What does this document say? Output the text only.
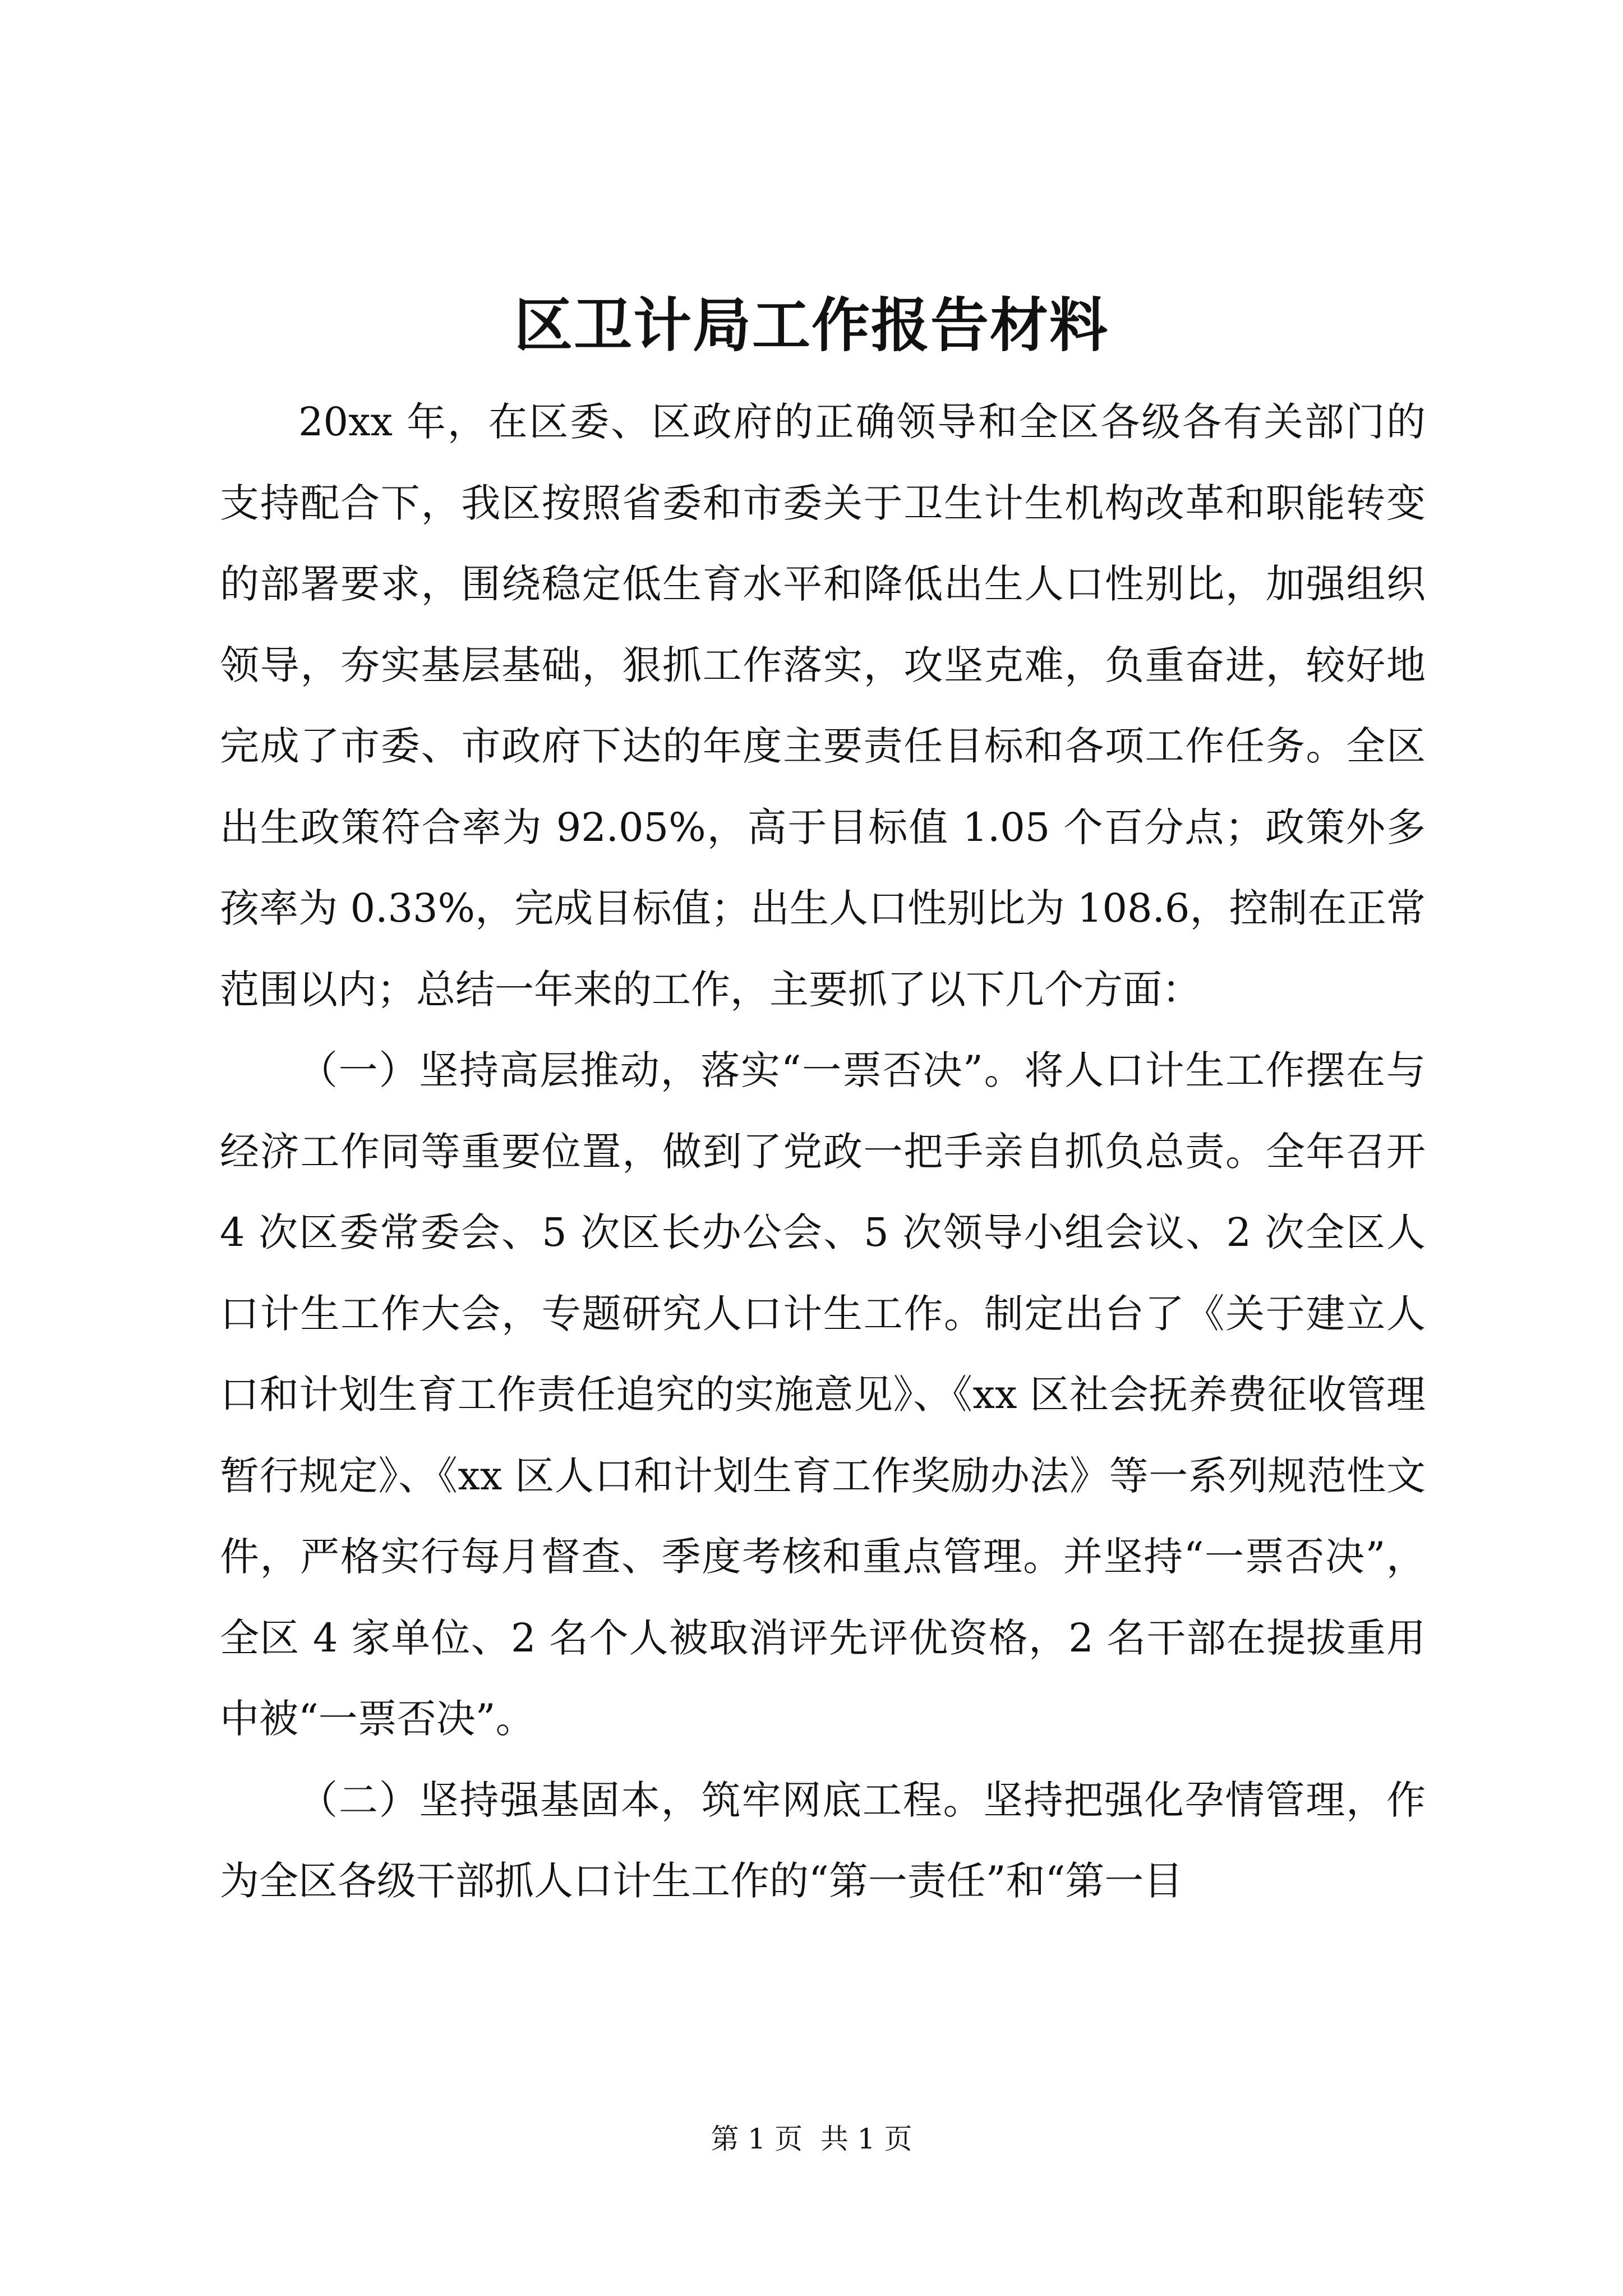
区卫计局工作报告材料

20xx 年，在区委、区政府的正确领导和全区各级各有关部门的支持配合下，我区按照省委和市委关于卫生计生机构改革和职能转变的部署要求，围绕稳定低生育水平和降低出生人口性别比，加强组织领导，夯实基层基础，狠抓工作落实，攻坚克难，负重奋进，较好地完成了市委、市政府下达的年度主要责任目标和各项工作任务。全区出生政策符合率为 92.05%，高于目标值 1.05 个百分点；政策外多孩率为 0.33%，完成目标值；出生人口性别比为 108.6，控制在正常范围以内；总结一年来的工作，主要抓了以下几个方面：

（一）坚持高层推动，落实“一票否决”。将人口计生工作摆在与经济工作同等重要位置，做到了党政一把手亲自抓负总责。全年召开 4 次区委常委会、5 次区长办公会、5 次领导小组会议、2 次全区人口计生工作大会，专题研究人口计生工作。制定出台了《关于建立人口和计划生育工作责任追究的实施意见》、《xx 区社会抚养费征收管理暂行规定》、《xx 区人口和计划生育工作奖励办法》等一系列规范性文件，严格实行每月督查、季度考核和重点管理。并坚持“一票否决”，全区 4 家单位、2 名个人被取消评先评优资格，2 名干部在提拔重用中被“一票否决”。

（二）坚持强基固本，筑牢网底工程。坚持把强化孕情管理，作为全区各级干部抓人口计生工作的“第一责任”和“第一目

第 1 页  共 1 页
